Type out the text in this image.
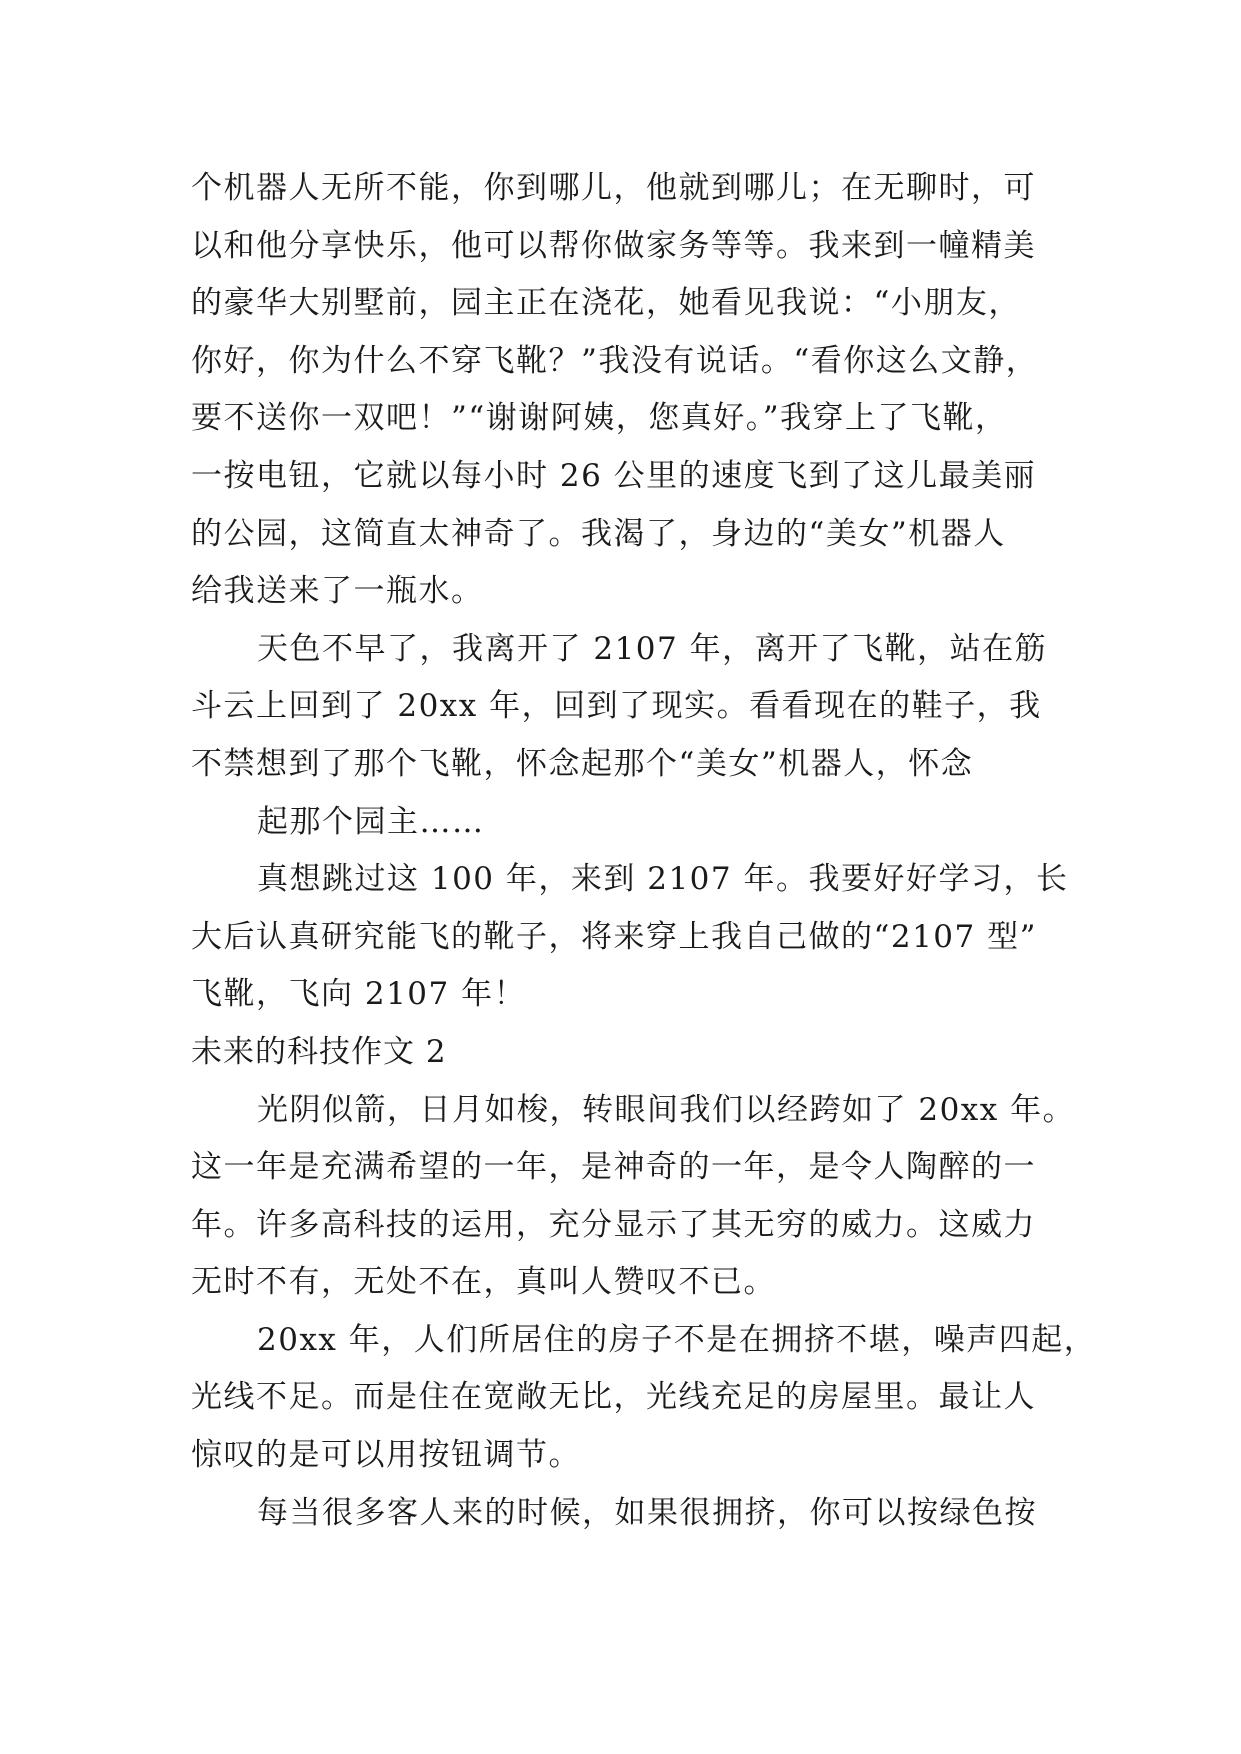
个机器人无所不能，你到哪儿，他就到哪儿；在无聊时，可
以和他分享快乐，他可以帮你做家务等等。我来到一幢精美
的豪华大别墅前，园主正在浇花，她看见我说：“小朋友，
你好，你为什么不穿飞靴？”我没有说话。“看你这么文静，
要不送你一双吧！”“谢谢阿姨，您真好。”我穿上了飞靴，
一按电钮，它就以每小时 26 公里的速度飞到了这儿最美丽
的公园，这简直太神奇了。我渴了，身边的“美女”机器人
给我送来了一瓶水。
天色不早了，我离开了 2107 年，离开了飞靴，站在筋
斗云上回到了 20xx 年，回到了现实。看看现在的鞋子，我
不禁想到了那个飞靴，怀念起那个“美女”机器人，怀念
起那个园主……
真想跳过这 100 年，来到 2107 年。我要好好学习，长
大后认真研究能飞的靴子，将来穿上我自己做的“2107 型”
飞靴，飞向 2107 年！
未来的科技作文 2
光阴似箭，日月如梭，转眼间我们以经跨如了 20xx 年。
这一年是充满希望的一年，是神奇的一年，是令人陶醉的一
年。许多高科技的运用，充分显示了其无穷的威力。这威力
无时不有，无处不在，真叫人赞叹不已。
20xx 年，人们所居住的房子不是在拥挤不堪，噪声四起，
光线不足。而是住在宽敞无比，光线充足的房屋里。最让人
惊叹的是可以用按钮调节。
每当很多客人来的时候，如果很拥挤，你可以按绿色按
